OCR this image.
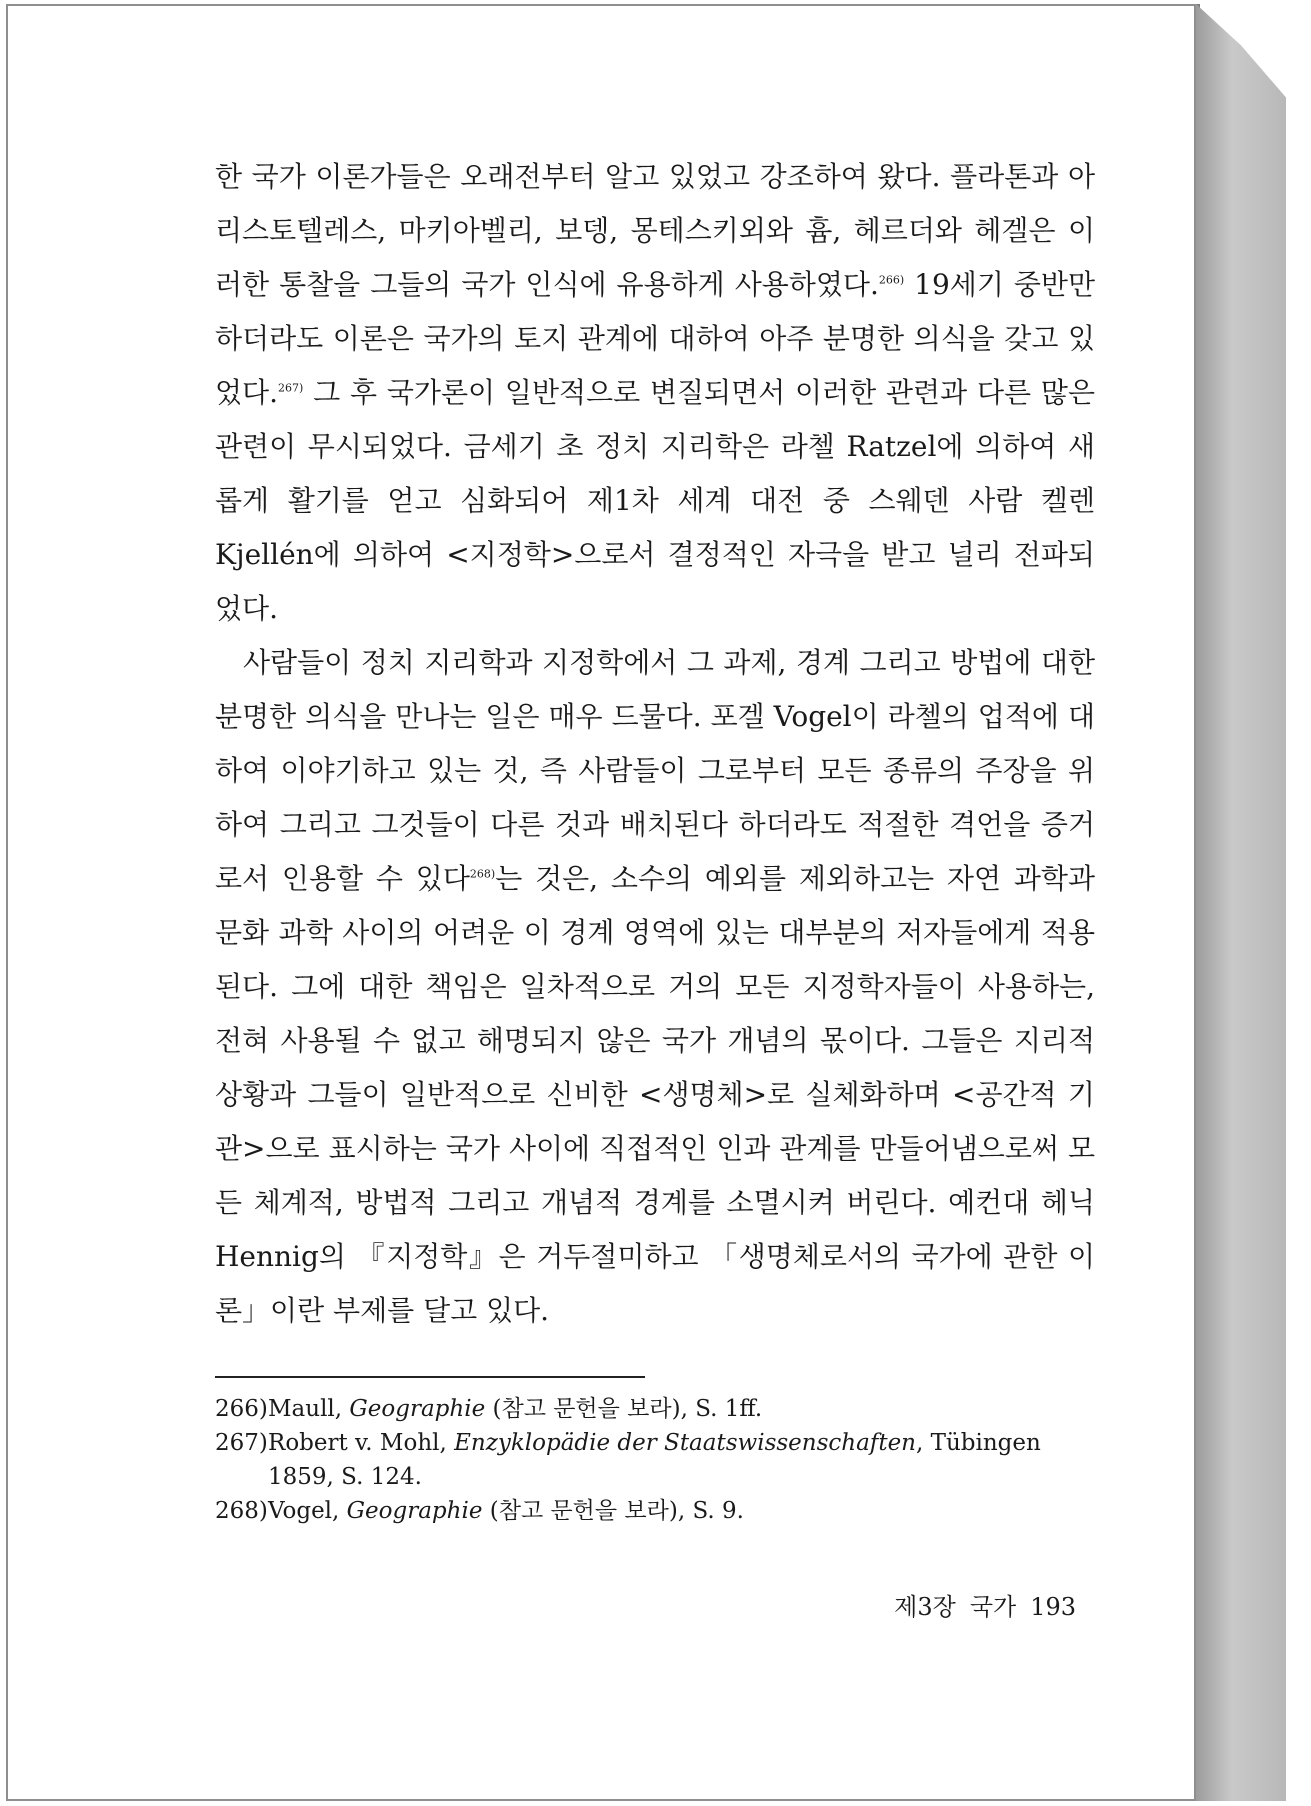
한 국가 이론가들은 오래전부터 알고 있었고 강조하여 왔다. 플라톤과 아리스토텔레스, 마키아벨리, 보뎅, 몽테스키외와 흄, 헤르더와 헤겔은 이러한 통찰을 그들의 국가 인식에 유용하게 사용하였다.$^{266)}$ 19세기 중반만 하더라도 이론은 국가의 토지 관계에 대하여 아주 분명한 의식을 갖고 있었다.$^{267)}$ 그 후 국가론이 일반적으로 변질되면서 이러한 관련과 다른 많은 관련이 무시되었다. 금세기 초 정치 지리학은 라첼 Ratzel에 의하여 새롭게 활기를 얻고 심화되어 제1차 세계 대전 중 스웨덴 사람 켈렌 Kjellén에 의하여 <지정학>으로서 결정적인 자극을 받고 널리 전파되었다.

사람들이 정치 지리학과 지정학에서 그 과제, 경계 그리고 방법에 대한 분명한 의식을 만나는 일은 매우 드물다. 포겔 Vogel이 라첼의 업적에 대하여 이야기하고 있는 것, 즉 사람들이 그로부터 모든 종류의 주장을 위하여 그리고 그것들이 다른 것과 배치된다 하더라도 적절한 격언을 증거로서 인용할 수 있다$^{268)}$는 것은, 소수의 예외를 제외하고는 자연 과학과 문화 과학 사이의 어려운 이 경계 영역에 있는 대부분의 저자들에게 적용된다. 그에 대한 책임은 일차적으로 거의 모든 지정학자들이 사용하는, 전혀 사용될 수 없고 해명되지 않은 국가 개념의 몫이다. 그들은 지리적 상황과 그들이 일반적으로 신비한 <생명체>로 실체화하며 <공간적 기관>으로 표시하는 국가 사이에 직접적인 인과 관계를 만들어냄으로써 모든 체계적, 방법적 그리고 개념적 경계를 소멸시켜 버린다. 예컨대 헤닉 Hennig의 『지정학』은 거두절미하고 「생명체로서의 국가에 관한 이론」이란 부제를 달고 있다.

266) Maull, Geographie (참고 문헌을 보라), S. 1ff.

267) Robert v. Mohl, Enzyklopädie der Staatswissenschaften, Tübingen 1859, S. 124.

268) Vogel, Geographie (참고 문헌을 보라), S. 9.

제3장 국가 193
